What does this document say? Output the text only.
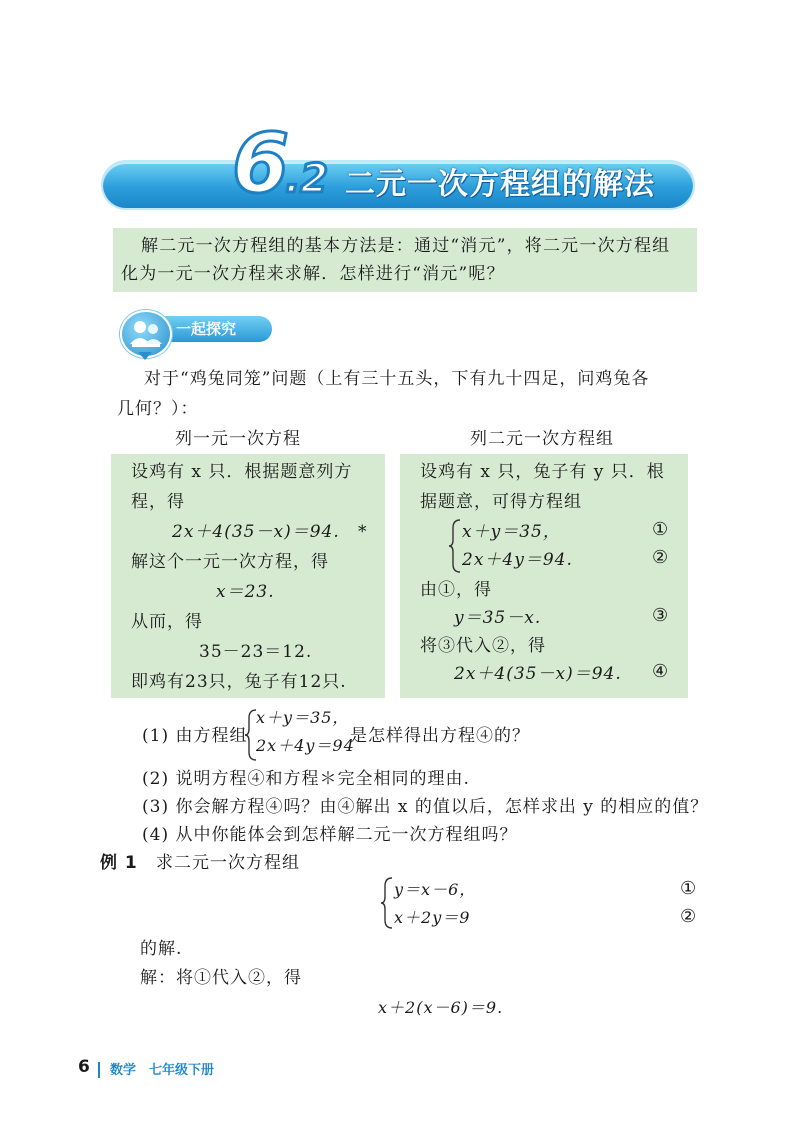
6.2 二元一次方程组的解法
解二元一次方程组的基本方法是：通过“消元”，将二元一次方程组
化为一元一次方程来求解．怎样进行“消元”呢？
一起探究
对于“鸡兔同笼”问题（上有三十五头，下有九十四足，问鸡兔各
几何？）：
列一元一次方程	列二元一次方程组
设鸡有 x 只．根据题意列方
程，得
2x＋4(35－x)＝94. *
解这个一元一次方程，得
x＝23.
从而，得
35－23＝12.
即鸡有23只，兔子有12只.
设鸡有 x 只，兔子有 y 只．根
据题意，可得方程组
x＋y＝35，
2x＋4y＝94.
①
②
由①，得
y＝35－x.	③
将③代入②，得
2x＋4(35－x)＝94. ④
(1) 由方程组
x＋y＝35，
2x＋4y＝94
是怎样得出方程④的？
(2) 说明方程④和方程＊完全相同的理由.
(3) 你会解方程④吗？由④解出 x 的值以后，怎样求出 y 的相应的值？
(4) 从中你能体会到怎样解二元一次方程组吗？
例 1 求二元一次方程组
y＝x－6，
x＋2y＝9
①
②
的解.
解：将①代入②，得
x＋2(x－6)＝9.
6 数学　七年级下册
